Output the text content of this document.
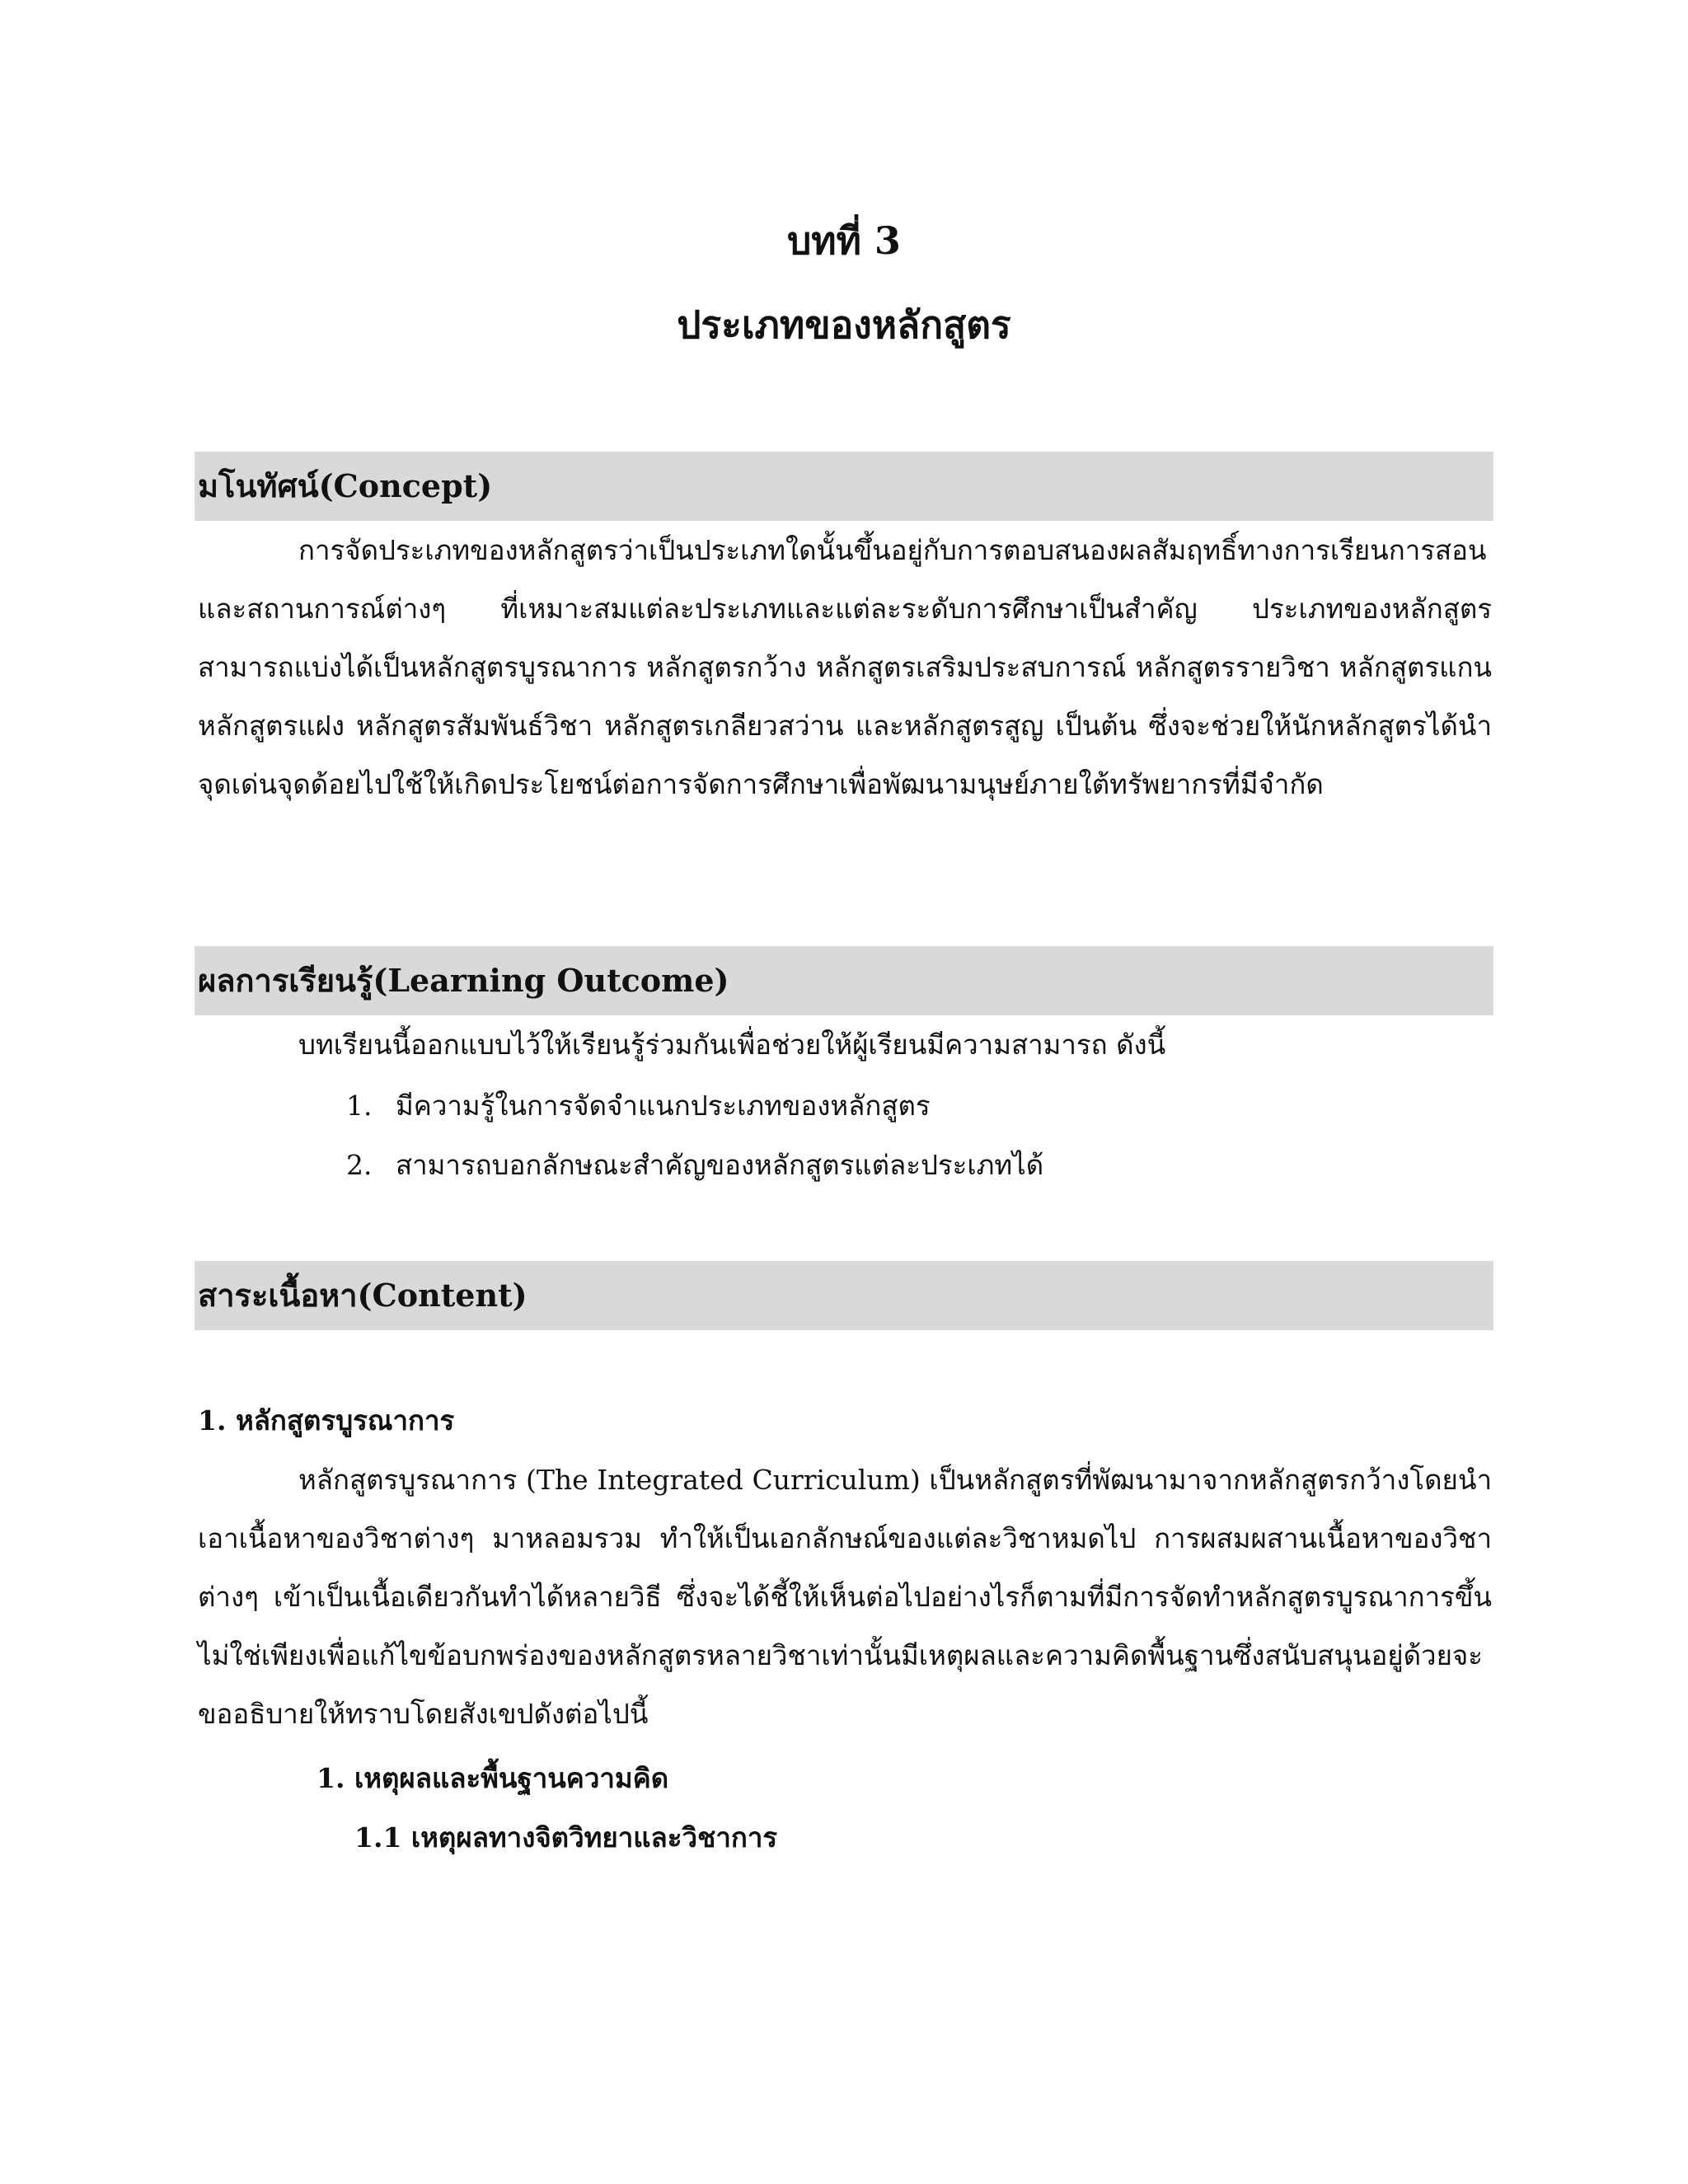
บทที่ 3
ประเภทของหลักสูตร
มโนทัศน์(Concept)

การจัดประเภทของหลักสูตรว่าเป็นประเภทใดนั้นขึ้นอยู่กับการตอบสนองผลสัมฤทธิ์ทางการเรียนการสอนและสถานการณ์ต่างๆ ที่เหมาะสมแต่ละประเภทและแต่ละระดับการศึกษาเป็นสำคัญ ประเภทของหลักสูตรสามารถแบ่งได้เป็นหลักสูตรบูรณาการ หลักสูตรกว้าง หลักสูตรเสริมประสบการณ์ หลักสูตรรายวิชา หลักสูตรแกน หลักสูตรแฝง หลักสูตรสัมพันธ์วิชา หลักสูตรเกลียวสว่าน และหลักสูตรสูญ เป็นต้น ซึ่งจะช่วยให้นักหลักสูตรได้นำจุดเด่นจุดด้อยไปใช้ให้เกิดประโยชน์ต่อการจัดการศึกษาเพื่อพัฒนามนุษย์ภายใต้ทรัพยากรที่มีจำกัด

ผลการเรียนรู้(Learning Outcome)

บทเรียนนี้ออกแบบไว้ให้เรียนรู้ร่วมกันเพื่อช่วยให้ผู้เรียนมีความสามารถ ดังนี้

1. มีความรู้ในการจัดจำแนกประเภทของหลักสูตร
2. สามารถบอกลักษณะสำคัญของหลักสูตรแต่ละประเภทได้
สาระเนื้อหา(Content)
1. หลักสูตรบูรณาการ

หลักสูตรบูรณาการ (The Integrated Curriculum) เป็นหลักสูตรที่พัฒนามาจากหลักสูตรกว้างโดยนำเอาเนื้อหาของวิชาต่างๆ มาหลอมรวม ทำให้เป็นเอกลักษณ์ของแต่ละวิชาหมดไป การผสมผสานเนื้อหาของวิชาต่างๆ เข้าเป็นเนื้อเดียวกันทำได้หลายวิธี ซึ่งจะได้ชี้ให้เห็นต่อไปอย่างไรก็ตามที่มีการจัดทำหลักสูตรบูรณาการขึ้นไม่ใช่เพียงเพื่อแก้ไขข้อบกพร่องของหลักสูตรหลายวิชาเท่านั้นมีเหตุผลและความคิดพื้นฐานซึ่งสนับสนุนอยู่ด้วยจะขออธิบายให้ทราบโดยสังเขปดังต่อไปนี้

1. เหตุผลและพื้นฐานความคิด
1.1 เหตุผลทางจิตวิทยาและวิชาการ
